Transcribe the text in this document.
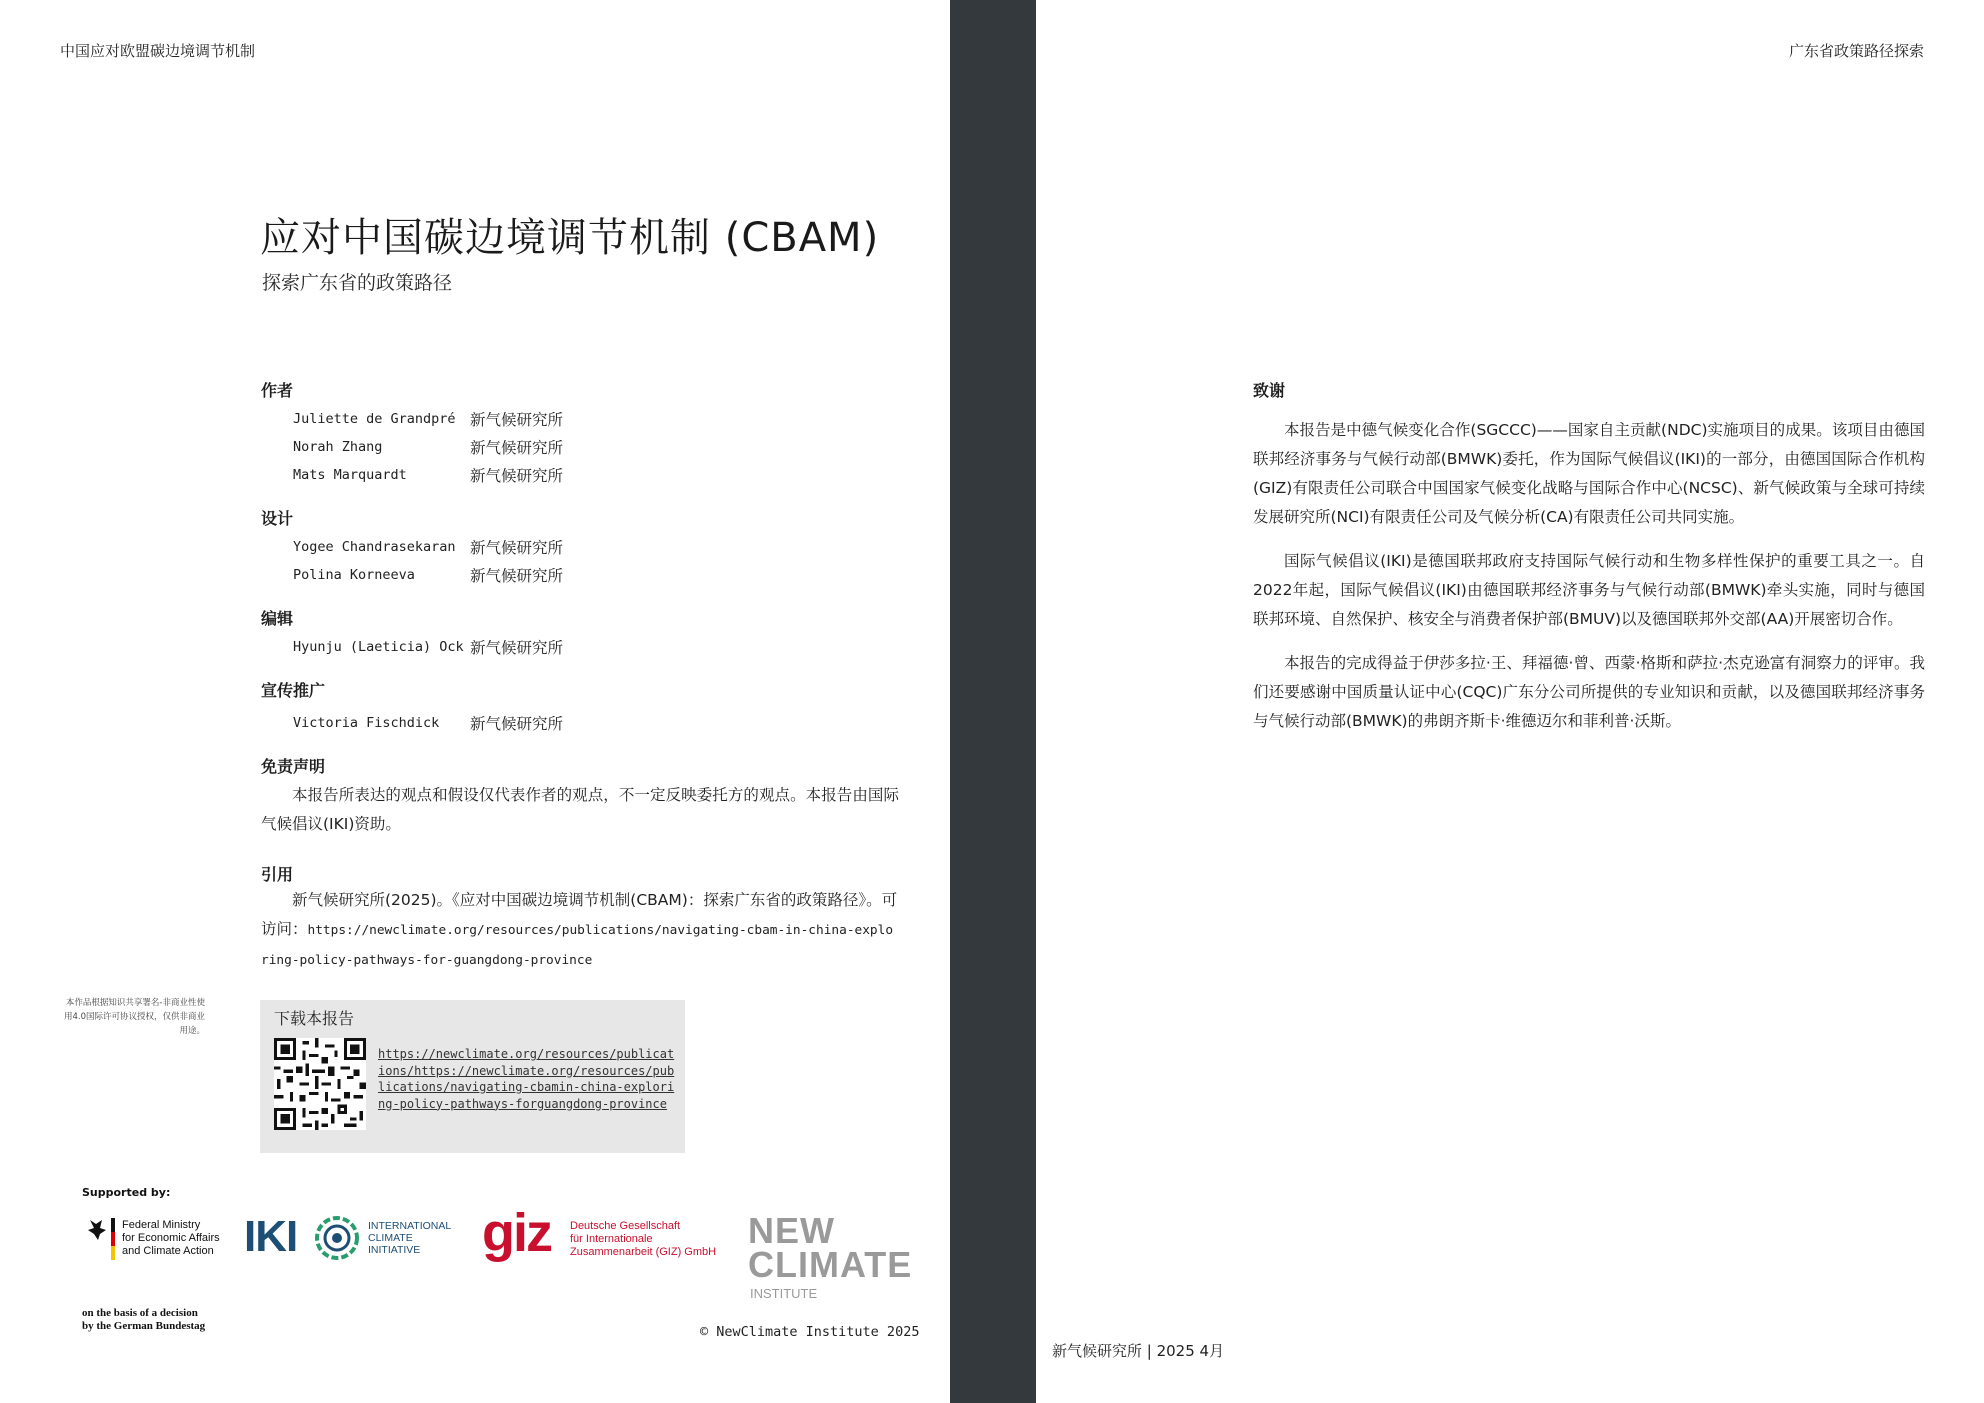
中国应对欧盟碳边境调节机制	广东省政策路径探索
应对中国碳边境调节机制 (CBAM)
探索广东省的政策路径
作者
Juliette de Grandpré 新气候研究所
Norah Zhang	新气候研究所
Mats Marquardt	新气候研究所
设计
Yogee Chandrasekaran 新气候研究所
Polina Korneeva	新气候研究所
编辑
Hyunju (Laeticia) Ock 新气候研究所
宣传推广
Victoria Fischdick 新气候研究所
免责声明

本报告所表达的观点和假设仅代表作者的观点，不一定反映委托方的观点。本报告由国际气候倡议(IKI)资助。

引用
新气候研究所(2025)。《应对中国碳边境调节机制(CBAM)：探索广东省的政策路径》。可访问：https://newclimate.org/resources/publications/navigating-cbam-in-china-exploring-policy-pathways-for-guangdong-province
本作品根据知识共享署名-非商业性使用4.0国际许可协议授权，仅供非商业用途。
下载本报告
https://newclimate.org/resources/publications/https://newclimate.org/resources/publications/navigating-cbamin-china-exploring-policy-pathways-forguangdong-province
Supported by:
Federal Ministry
for Economic Affairs
and Climate Action
on the basis of a decision
by the German Bundestag
IKI	INTERNATIONAL
CLIMATE
INITIATIVE	giz Deutsche Gesellschaft
für Internationale
Zusammenarbeit (GIZ) GmbH
NEW
CLIMATE
INSTITUTE
© NewClimate Institute 2025
致谢

本报告是中德气候变化合作(SGCCC)——国家自主贡献(NDC)实施项目的成果。该项目由德国联邦经济事务与气候行动部(BMWK)委托，作为国际气候倡议(IKI)的一部分，由德国国际合作机构(GIZ)有限责任公司联合中国国家气候变化战略与国际合作中心(NCSC)、新气候政策与全球可持续发展研究所(NCI)有限责任公司及气候分析(CA)有限责任公司共同实施。

国际气候倡议(IKI)是德国联邦政府支持国际气候行动和生物多样性保护的重要工具之一。自2022年起，国际气候倡议(IKI)由德国联邦经济事务与气候行动部(BMWK)牵头实施，同时与德国联邦环境、自然保护、核安全与消费者保护部(BMUV)以及德国联邦外交部(AA)开展密切合作。

本报告的完成得益于伊莎多拉·王、拜福德·曾、西蒙·格斯和萨拉·杰克逊富有洞察力的评审。我们还要感谢中国质量认证中心(CQC)广东分公司所提供的专业知识和贡献，以及德国联邦经济事务与气候行动部(BMWK)的弗朗齐斯卡·维德迈尔和菲利普·沃斯。

新气候研究所 | 2025 4月
